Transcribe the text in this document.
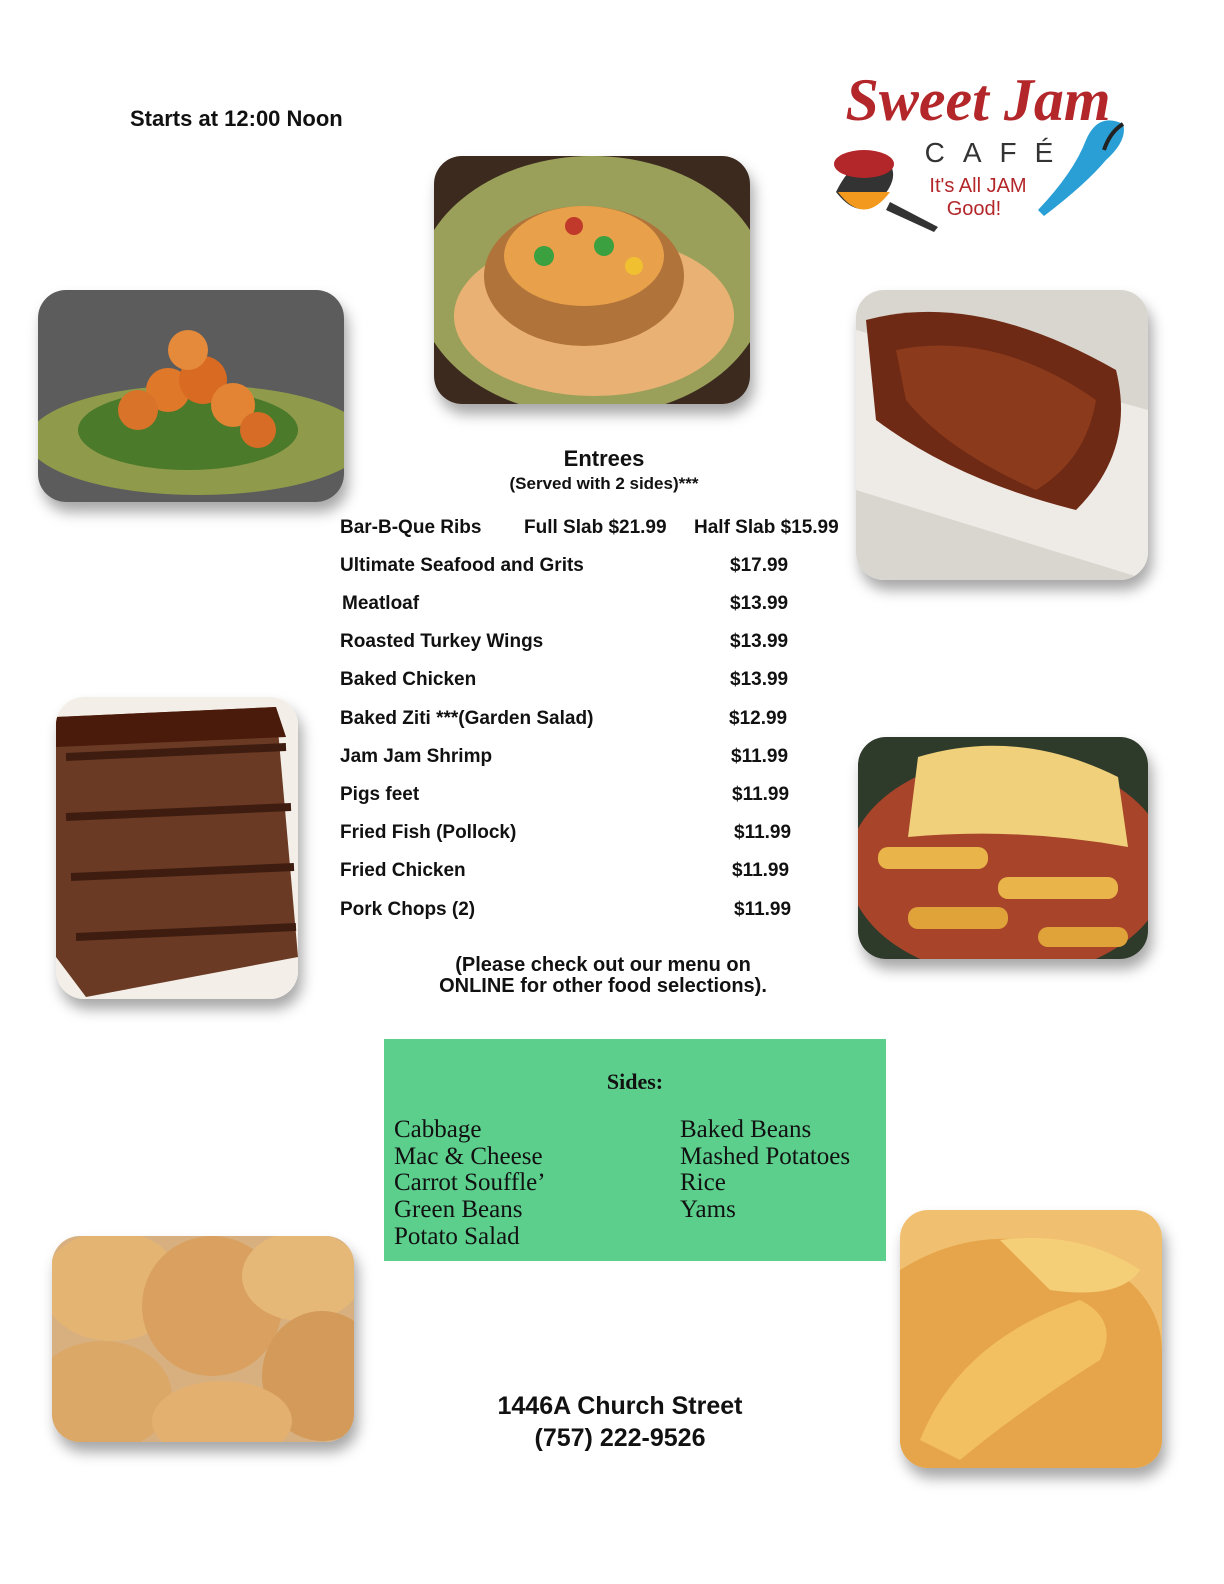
Starts at 12:00 Noon	Sweet Jam
CAFÉ
It's All JAM
Good!
Entrees
(Served with 2 sides)***
Bar-B-Que Ribs Full Slab $21.99 Half Slab $15.99
Ultimate Seafood and Grits	$17.99
Meatloaf	$13.99
Roasted Turkey Wings	$13.99
Baked Chicken	$13.99
Baked Ziti ***(Garden Salad)	$12.99
Jam Jam Shrimp	$11.99
Pigs feet	$11.99
Fried Fish (Pollock)	$11.99
Fried Chicken	$11.99
Pork Chops (2)	$11.99
(Please check out our menu on
ONLINE for other food selections).
Sides:
Cabbage
Mac & Cheese
Carrot Souffle’
Green Beans
Potato Salad
Baked Beans
Mashed Potatoes
Rice
Yams
1446A Church Street
(757) 222-9526
